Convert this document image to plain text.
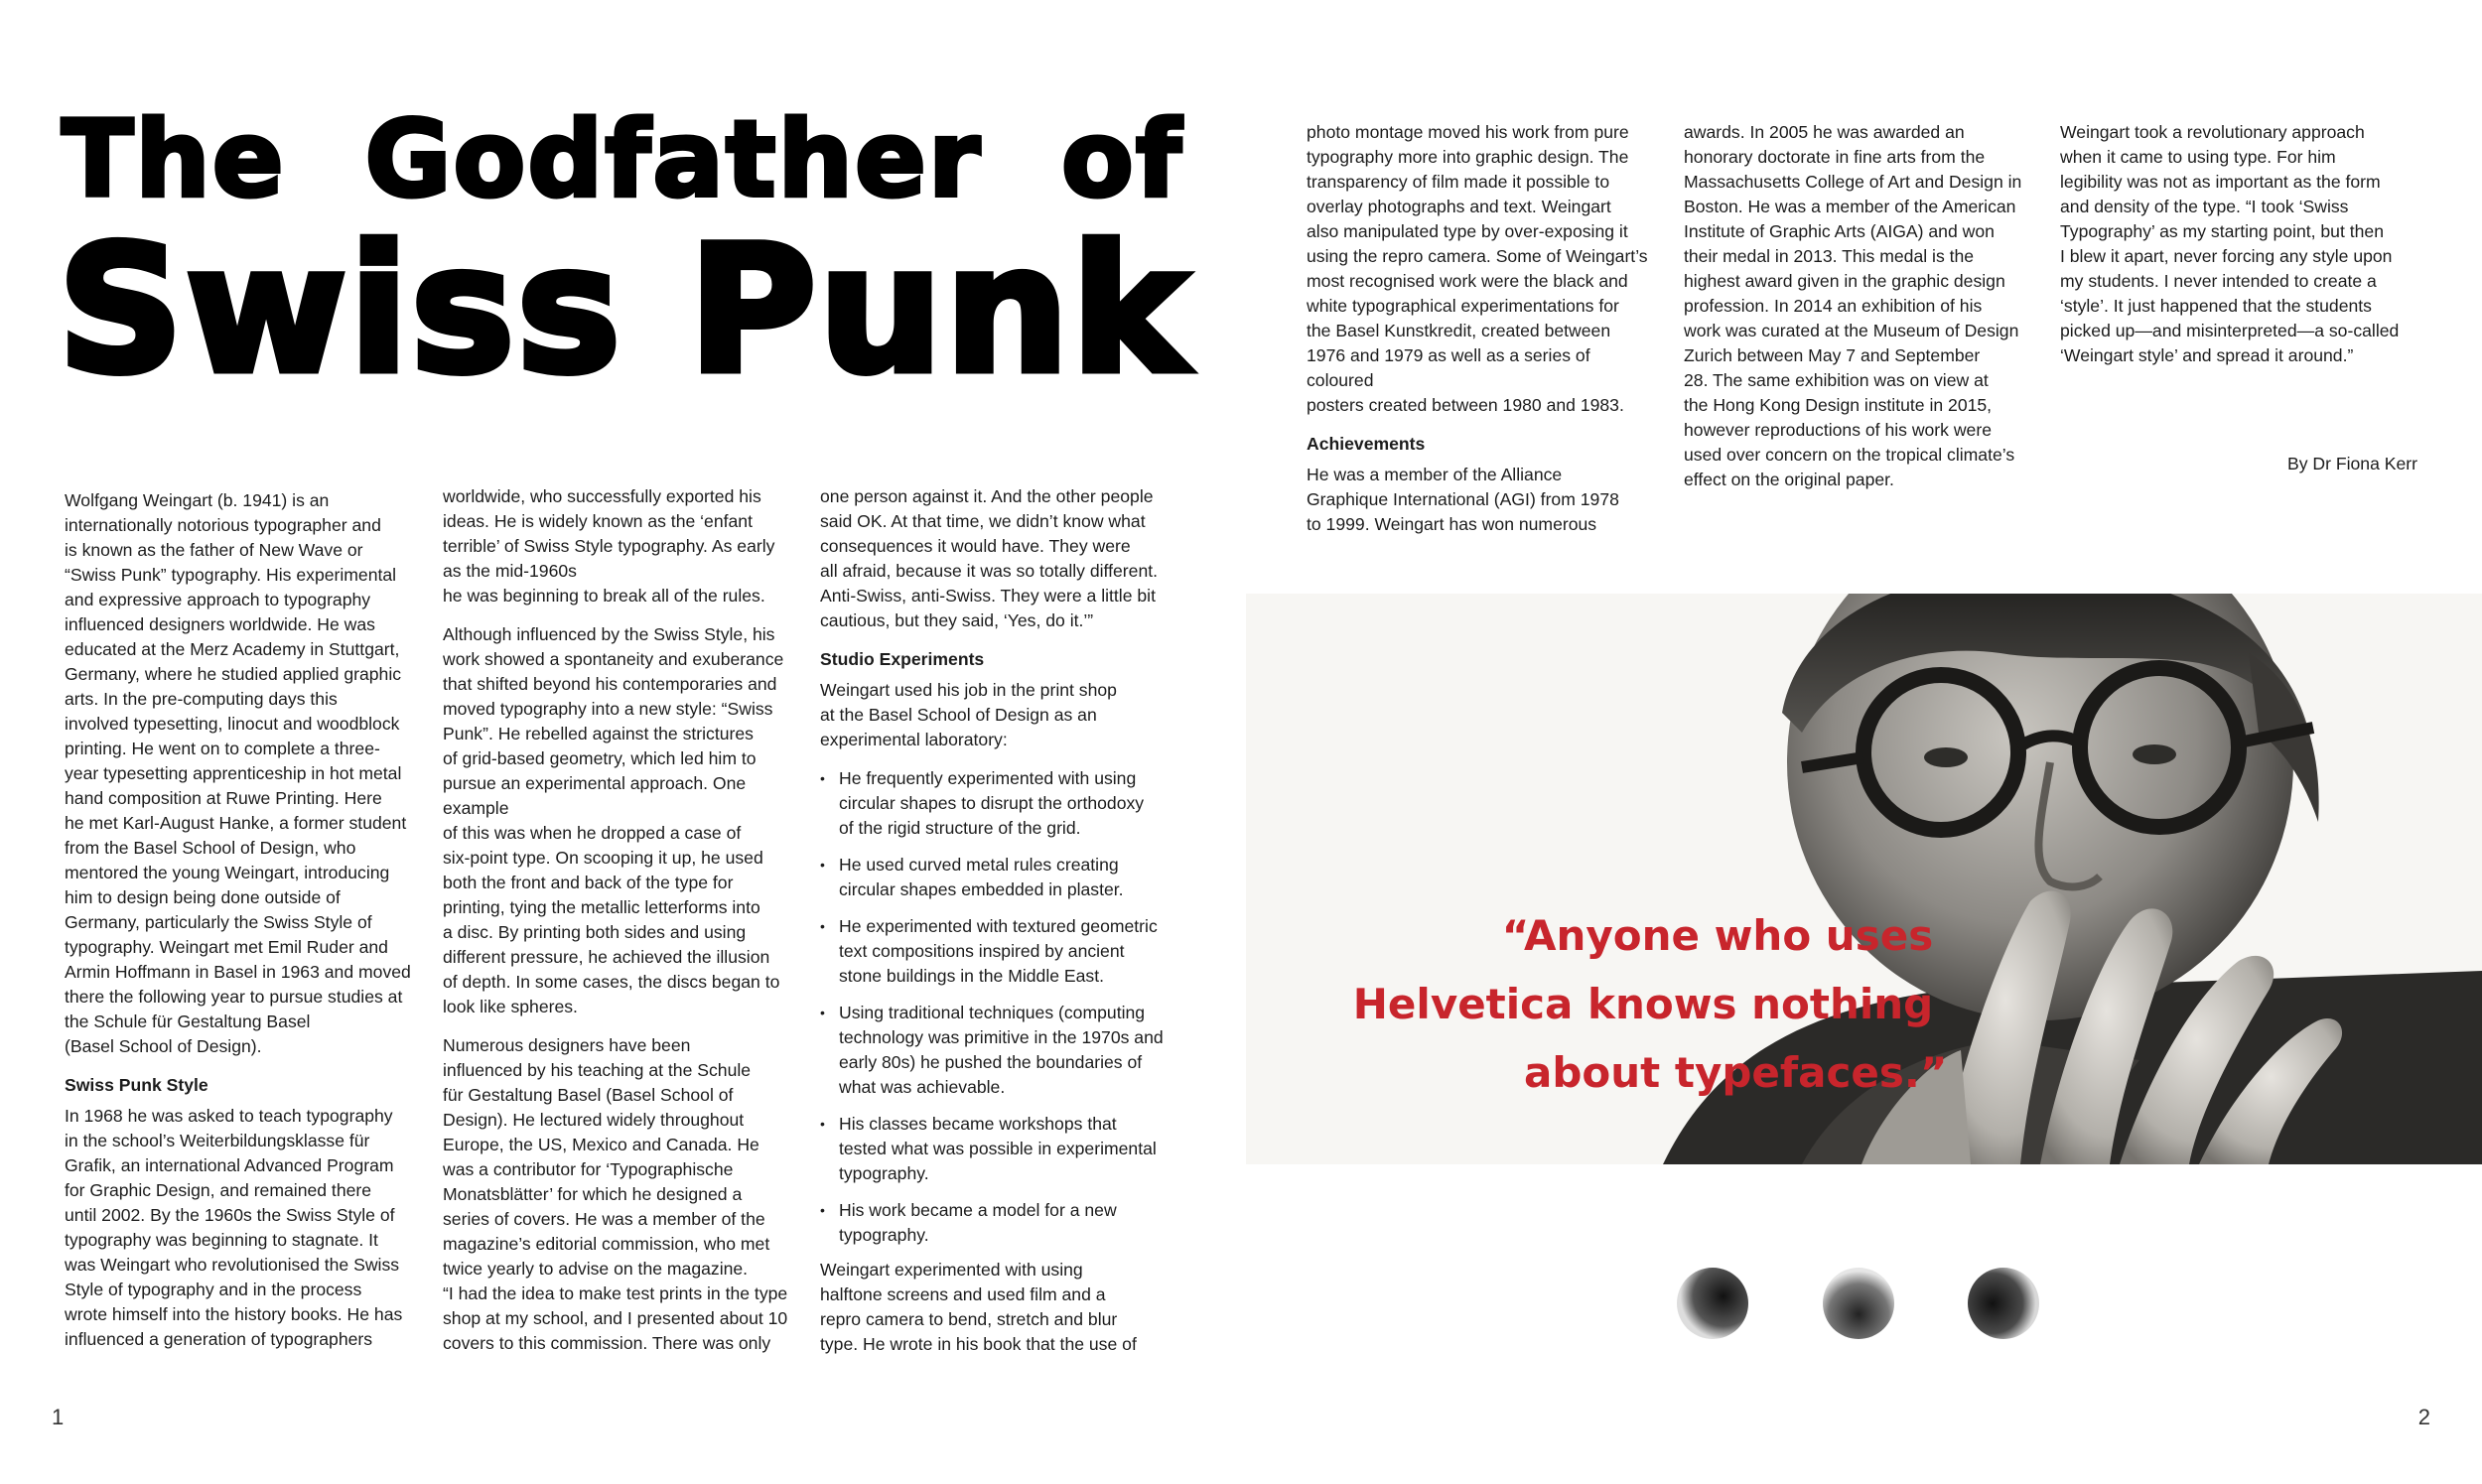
The Godfather of
Swiss Punk

Wolfgang Weingart (b. 1941) is an
internationally notorious typographer and
is known as the father of New Wave or
“Swiss Punk” typography. His experimental
and expressive approach to typography
influenced designers worldwide. He was
educated at the Merz Academy in Stuttgart,
Germany, where he studied applied graphic
arts. In the pre-computing days this
involved typesetting, linocut and woodblock
printing. He went on to complete a three-
year typesetting apprenticeship in hot metal
hand composition at Ruwe Printing. Here
he met Karl-August Hanke, a former student
from the Basel School of Design, who
mentored the young Weingart, introducing
him to design being done outside of
Germany, particularly the Swiss Style of
typography. Weingart met Emil Ruder and
Armin Hoffmann in Basel in 1963 and moved
there the following year to pursue studies at
the Schule für Gestaltung Basel
(Basel School of Design).

Swiss Punk Style

In 1968 he was asked to teach typography
in the school’s Weiterbildungsklasse für
Grafik, an international Advanced Program
for Graphic Design, and remained there
until 2002. By the 1960s the Swiss Style of
typography was beginning to stagnate. It
was Weingart who revolutionised the Swiss
Style of typography and in the process
wrote himself into the history books. He has
influenced a generation of typographers

worldwide, who successfully exported his
ideas. He is widely known as the ‘enfant
terrible’ of Swiss Style typography. As early
as the mid-1960s
he was beginning to break all of the rules.

Although influenced by the Swiss Style, his
work showed a spontaneity and exuberance
that shifted beyond his contemporaries and
moved typography into a new style: “Swiss
Punk”. He rebelled against the strictures
of grid-based geometry, which led him to
pursue an experimental approach. One
example
of this was when he dropped a case of
six-point type. On scooping it up, he used
both the front and back of the type for
printing, tying the metallic letterforms into
a disc. By printing both sides and using
different pressure, he achieved the illusion
of depth. In some cases, the discs began to
look like spheres.

Numerous designers have been
influenced by his teaching at the Schule
für Gestaltung Basel (Basel School of
Design). He lectured widely throughout
Europe, the US, Mexico and Canada. He
was a contributor for ‘Typographische
Monatsblätter’ for which he designed a
series of covers. He was a member of the
magazine’s editorial commission, who met
twice yearly to advise on the magazine.
“I had the idea to make test prints in the type
shop at my school, and I presented about 10
covers to this commission. There was only

one person against it. And the other people
said OK. At that time, we didn’t know what
consequences it would have. They were
all afraid, because it was so totally different.
Anti-Swiss, anti-Swiss. They were a little bit
cautious, but they said, ‘Yes, do it.’”

Studio Experiments

Weingart used his job in the print shop
at the Basel School of Design as an
experimental laboratory:

• He frequently experimented with using
circular shapes to disrupt the orthodoxy
of the rigid structure of the grid.
• He used curved metal rules creating
circular shapes embedded in plaster.
• He experimented with textured geometric
text compositions inspired by ancient
stone buildings in the Middle East.
• Using traditional techniques (computing
technology was primitive in the 1970s and
early 80s) he pushed the boundaries of
what was achievable.
• His classes became workshops that
tested what was possible in experimental
typography.
• His work became a model for a new
typography.

Weingart experimented with using
halftone screens and used film and a
repro camera to bend, stretch and blur
type. He wrote in his book that the use of

photo montage moved his work from pure
typography more into graphic design. The
transparency of film made it possible to
overlay photographs and text. Weingart
also manipulated type by over-exposing it
using the repro camera. Some of Weingart’s
most recognised work were the black and
white typographical experimentations for
the Basel Kunstkredit, created between
1976 and 1979 as well as a series of coloured
posters created between 1980 and 1983.

Achievements

He was a member of the Alliance
Graphique International (AGI) from 1978
to 1999. Weingart has won numerous

awards. In 2005 he was awarded an
honorary doctorate in fine arts from the
Massachusetts College of Art and Design in
Boston. He was a member of the American
Institute of Graphic Arts (AIGA) and won
their medal in 2013. This medal is the
highest award given in the graphic design
profession. In 2014 an exhibition of his
work was curated at the Museum of Design
Zurich between May 7 and September
28. The same exhibition was on view at
the Hong Kong Design institute in 2015,
however reproductions of his work were
used over concern on the tropical climate’s
effect on the original paper.

Weingart took a revolutionary approach
when it came to using type. For him
legibility was not as important as the form
and density of the type. “I took ‘Swiss
Typography’ as my starting point, but then
I blew it apart, never forcing any style upon
my students. I never intended to create a
‘style’. It just happened that the students
picked up—and misinterpreted—a so-called
‘Weingart style’ and spread it around.”

By Dr Fiona Kerr
“Anyone who uses
Helvetica knows nothing
about typefaces.”
1	2
